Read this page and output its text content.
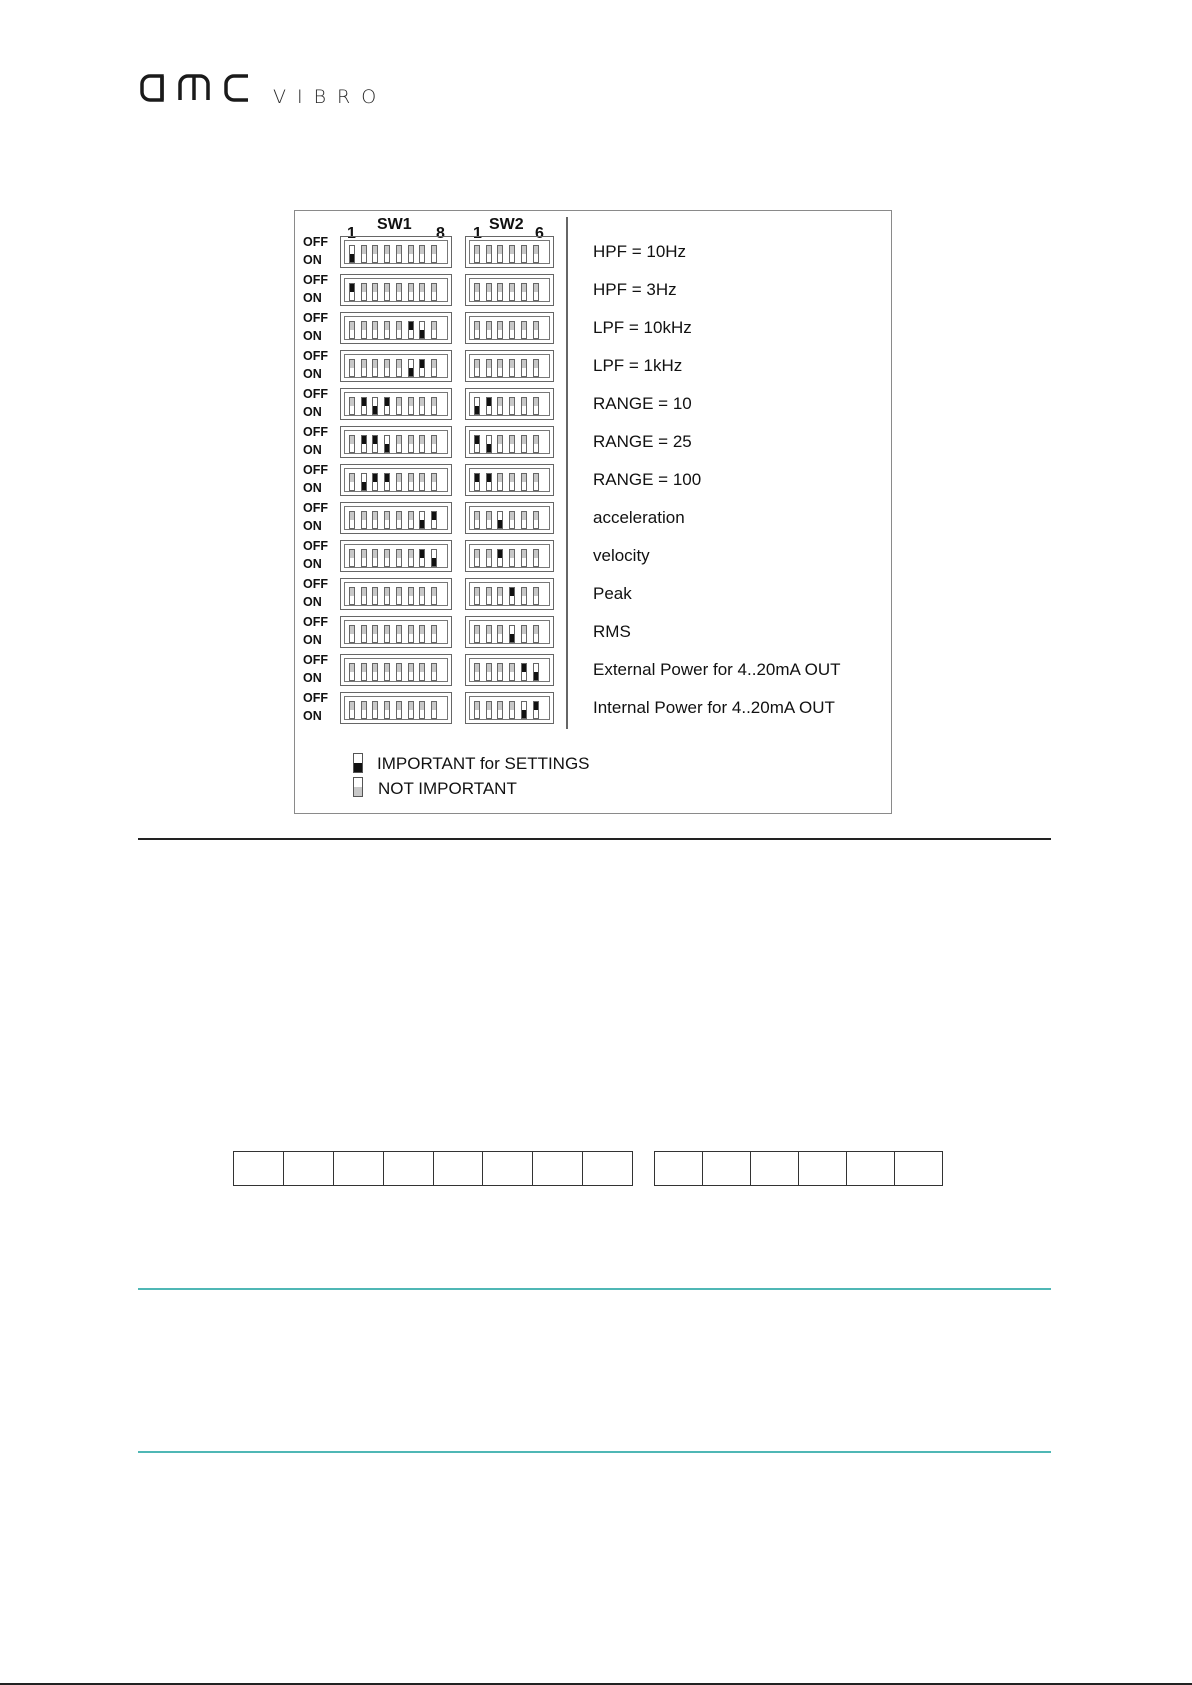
VIBRO
1
SW1
8 1
SW2
6
OFF
ON	HPF = 10Hz
OFF
ON	HPF = 3Hz
OFF
ON	LPF = 10kHz
OFF
ON	LPF = 1kHz
OFF
ON	RANGE = 10
OFF
ON	RANGE = 25
OFF
ON	RANGE = 100
OFF
ON	acceleration
OFF
ON	velocity
OFF
ON	Peak
OFF
ON	RMS
OFF
ON	External Power for 4..20mA OUT
OFF
ON	Internal Power for 4..20mA OUT
IMPORTANT for SETTINGS
NOT IMPORTANT
